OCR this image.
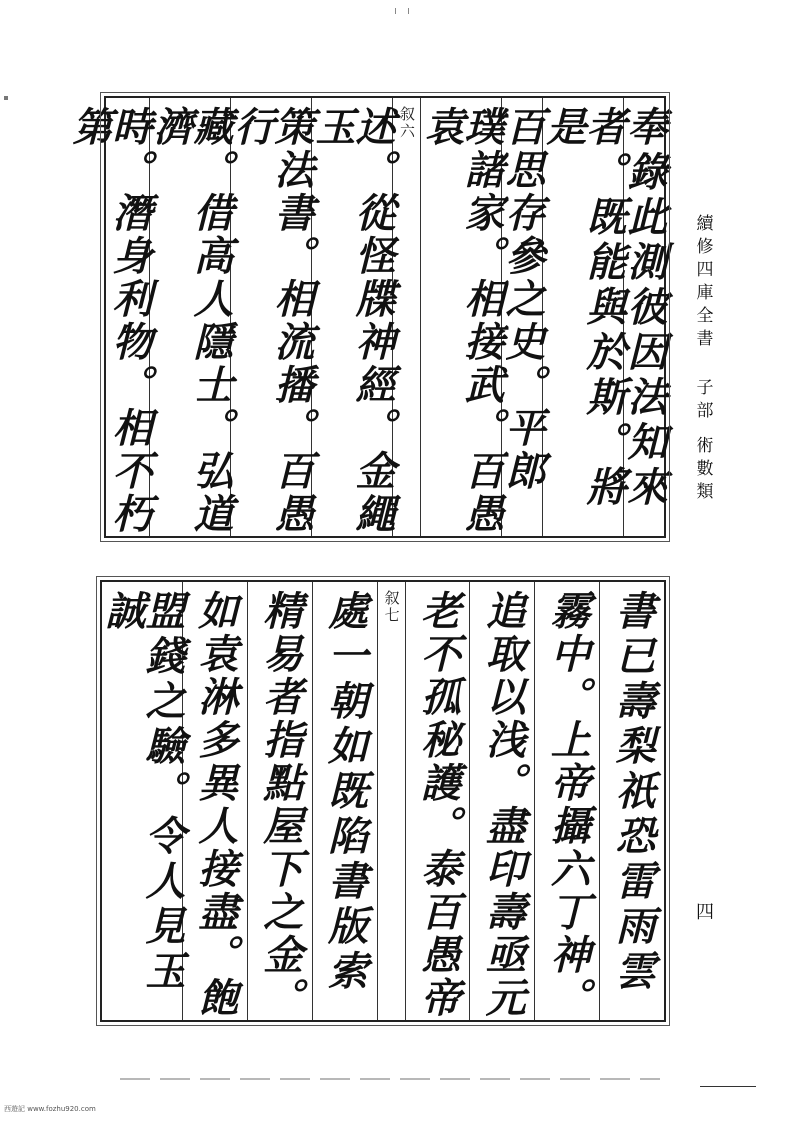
奉錄此測彼因法知來
者。既能與於斯。將是
百思存參之史。平郎
璞諸家。相接武。百愚袁
叙六
述。從怪牒神經。金繩玉
策法書。相流播。百愚行
藏。借高人隱士。弘道濟
時。潛身利物。相不朽第
書已壽梨祇恐雷雨雲
霧中。上帝攝六丁神。
追取以浅。盡印壽亟元
老不孤秘護。泰百愚帝
叙七
處一朝如既陷書版索
精易者指點屋下之金。
如袁淋多異人接盡。飽
盟錢之驗。令人見玉誠
續修四庫全書
子部
術數類
四
西遊記 www.fozhu920.com
